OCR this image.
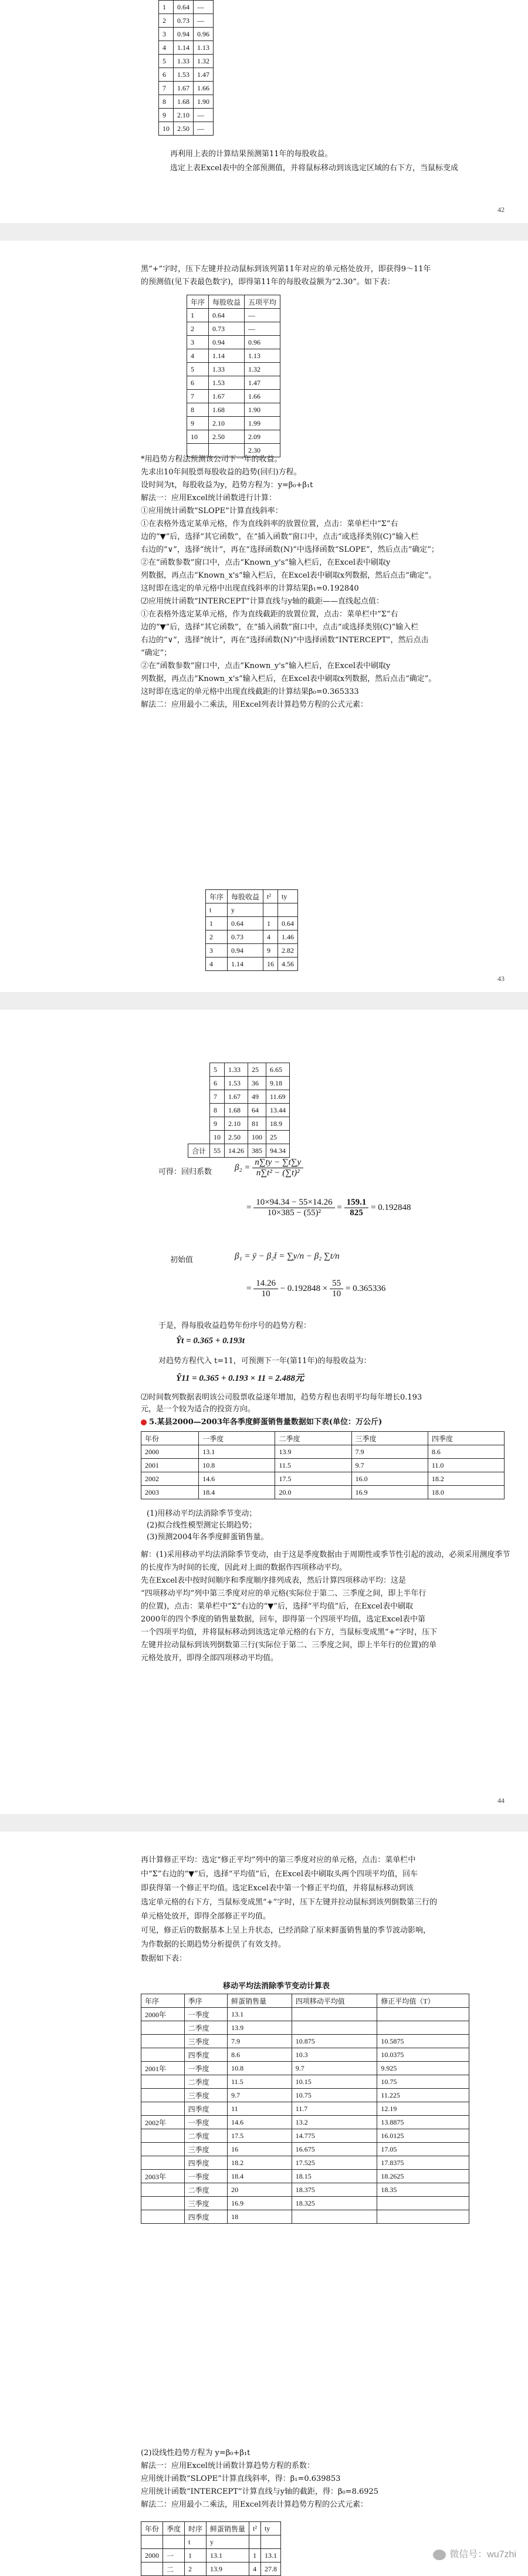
1	0.64	—
2	0.73	—
3	0.94	0.96
4	1.14	1.13
5	1.33	1.32
6	1.53	1.47
7	1.67	1.66
8	1.68	1.90
9	2.10	—
10	2.50	—
再利用上表的计算结果预测第11年的每股收益。
选定上表Excel表中的全部预测值，并将鼠标移动到该选定区域的右下方，当鼠标变成
42
黑“+”字时，压下左键并拉动鼠标到该列第11年对应的单元格处放开，即获得9～11年
的预测值(见下表最色数字)，即得第11年的每股收益额为“2.30”。如下表：
年序	每股收益	五项平均
1	0.64	—
2	0.73	—
3	0.94	0.96
4	1.14	1.13
5	1.33	1.32
6	1.53	1.47
7	1.67	1.66
8	1.68	1.90
9	2.10	1.99
10	2.50	2.09
		2.30
*用趋势方程法预测该公司下一年的收益。
先求出10年间股票每股收益的趋势(回归)方程。
设时间为t，每股收益为y，趋势方程为：y=β₀+β₁t
解法一：应用Excel统计函数进行计算：
①应用统计函数“SLOPE”计算直线斜率：
①在表格外选定某单元格，作为直线斜率的放置位置，点击：菜单栏中“Σ”右
边的“▼”后，选择“其它函数”，在“插入函数”窗口中，点击“或选择类别(C)”输入栏
右边的“∨”，选择“统计”，再在“选择函数(N)”中选择函数“SLOPE”，然后点击“确定”；
②在“函数参数”窗口中，点击“Known_y's”输入栏后，在Excel表中刷取y
列数据，再点击“Known_x's”输入栏后，在Excel表中刷取x列数据，然后点击“确定”。
这时即在选定的单元格中出现直线斜率的计算结果β₁=0.192840
⑵应用统计函数“INTERCEPT”计算直线与y轴的截距——直线起点值：
①在表格外选定某单元格，作为直线截距的放置位置，点击：菜单栏中“Σ”右
边的“▼”后，选择“其它函数”，在“插入函数”窗口中，点击“或选择类别(C)”输入栏
右边的“∨”，选择“统计”，再在“选择函数(N)”中选择函数“INTERCEPT”，然后点击
“确定”；
②在“函数参数”窗口中，点击“Known_y's”输入栏后，在Excel表中刷取y
列数据，再点击“Known_x's”输入栏后，在Excel表中刷取x列数据，然后点击“确定”。
这时即在选定的单元格中出现直线截距的计算结果β₀=0.365333
解法二：应用最小二乘法，用Excel列表计算趋势方程的公式元素：
年序	每股收益	t²	ty
t	y		
1	0.64	1	0.64
2	0.73	4	1.46
3	0.94	9	2.82
4	1.14	16	4.56
43
	5	1.33	25	6.65
	6	1.53	36	9.18
	7	1.67	49	11.69
	8	1.68	64	13.44
	9	2.10	81	18.9
	10	2.50	100	25
合计	55	14.26	385	94.34
可得：回归系数	$\beta_2 = \frac{n\sum ty - \sum t\sum y}{\text{n∑t² − (∑t)²}}$
= $\frac{10\times 94.34 - 55\times 14.26}{\text{10×385 − (55)²}} = \frac{159.1}{825} = 0.192848$
初始值	β₁ = ȳ − β₂t̄ = ∑y/n − β₂ ∑t/n
= $\frac{14.26}{10} - 0.192848 \times \frac{55}{10} = 0.365336$
于是，得每股收益趋势年份序号的趋势方程：
Ŷt = 0.365 + 0.193t
对趋势方程代入 t=11，可预测下一年(第11年)的每股收益为：
Ŷ11 = 0.365 + 0.193 × 11 = 2.488元
⑵时间数列数据表明该公司股票收益逐年增加，趋势方程也表明平均每年增长0.193
元，是一个较为适合的投资方向。
5.某县2000—2003年各季度鲜蛋销售量数据如下表(单位：万公斤)
年份	一季度	二季度	三季度	四季度
2000	13.1	13.9	7.9	8.6
2001	10.8	11.5	9.7	11.0
2002	14.6	17.5	16.0	18.2
2003	18.4	20.0	16.9	18.0
(1)用移动平均法消除季节变动；
(2)拟合线性模型测定长期趋势；
(3)预测2004年各季度鲜蛋销售量。
解：(1)采用移动平均法消除季节变动，由于这是季度数据由于周期性或季节性引起的波动，必须采用测度季节
的长度作为时间的长度，因此对上面的数据作四项移动平均。
先在Excel表中按时间顺序和季度顺序排列成表，然后计算四项移动平均：这是
“四项移动平均”列中第三季度对应的单元格(实际位于第二、三季度之间，即上半年行
的位置)，点击：菜单栏中“Σ”右边的“▼”后，选择“平均值”后，在Excel表中刷取
2000年的四个季度的销售量数据，回车，即得第一个四项平均值，选定Excel表中第
一个四项平均值，并将鼠标移动到该选定单元格的右下方，当鼠标变成黑“+”字时，压下
左键并拉动鼠标到该列倒数第三行(实际位于第二、三季度之间，即上半年行的位置)的单
元格处放开，即得全部四项移动平均值。
44
再计算修正平均：选定“修正平均”列中的第三季度对应的单元格，点击：菜单栏中
中“Σ”右边的“▼”后，选择“平均值”后，在Excel表中刷取头两个四项平均值，回车
即获得第一个修正平均值。选定Excel表中第一个修正平均值，并将鼠标移动到该
选定单元格的右下方，当鼠标变成黑“+”字时，压下左键并拉动鼠标到该列倒数第三行的
单元格处放开，即得全部修正平均值。
可见，修正后的数据基本上呈上升状态，已经消除了原来鲜蛋销售量的季节波动影响，
为作数据的长期趋势分析提供了有效支持。
数据如下表：
移动平均法消除季节变动计算表
年序	季序	鲜蛋销售量	四项移动平均值	修正平均值（T）
2000年	一季度	13.1		
	二季度	13.9		
	三季度	7.9	10.875	10.5875
	四季度	8.6	10.3	10.0375
2001年	一季度	10.8	9.7	9.925
	二季度	11.5	10.15	10.75
	三季度	9.7	10.75	11.225
	四季度	11	11.7	12.19
2002年	一季度	14.6	13.2	13.8875
	二季度	17.5	14.775	16.0125
	三季度	16	16.675	17.05
	四季度	18.2	17.525	17.8375
2003年	一季度	18.4	18.15	18.2625
	二季度	20	18.375	18.35
	三季度	16.9	18.325	
	四季度	18		
(2)设线性趋势方程为 y=β₀+β₁t
解法一：应用Excel统计函数计算趋势方程的系数：
应用统计函数“SLOPE”计算直线斜率，得：β₁=0.639853
应用统计函数“INTERCEPT”计算直线与y轴的截距，得：β₀=8.6925
解法二：应用最小二乘法，用Excel列表计算趋势方程的公式元素：
年份	季度	时序	鲜蛋销售量	t²	ty
		t	y		
2000	一	1	13.1	1	13.1
	二	2	13.9	4	27.8
微信号：wu7zhi
